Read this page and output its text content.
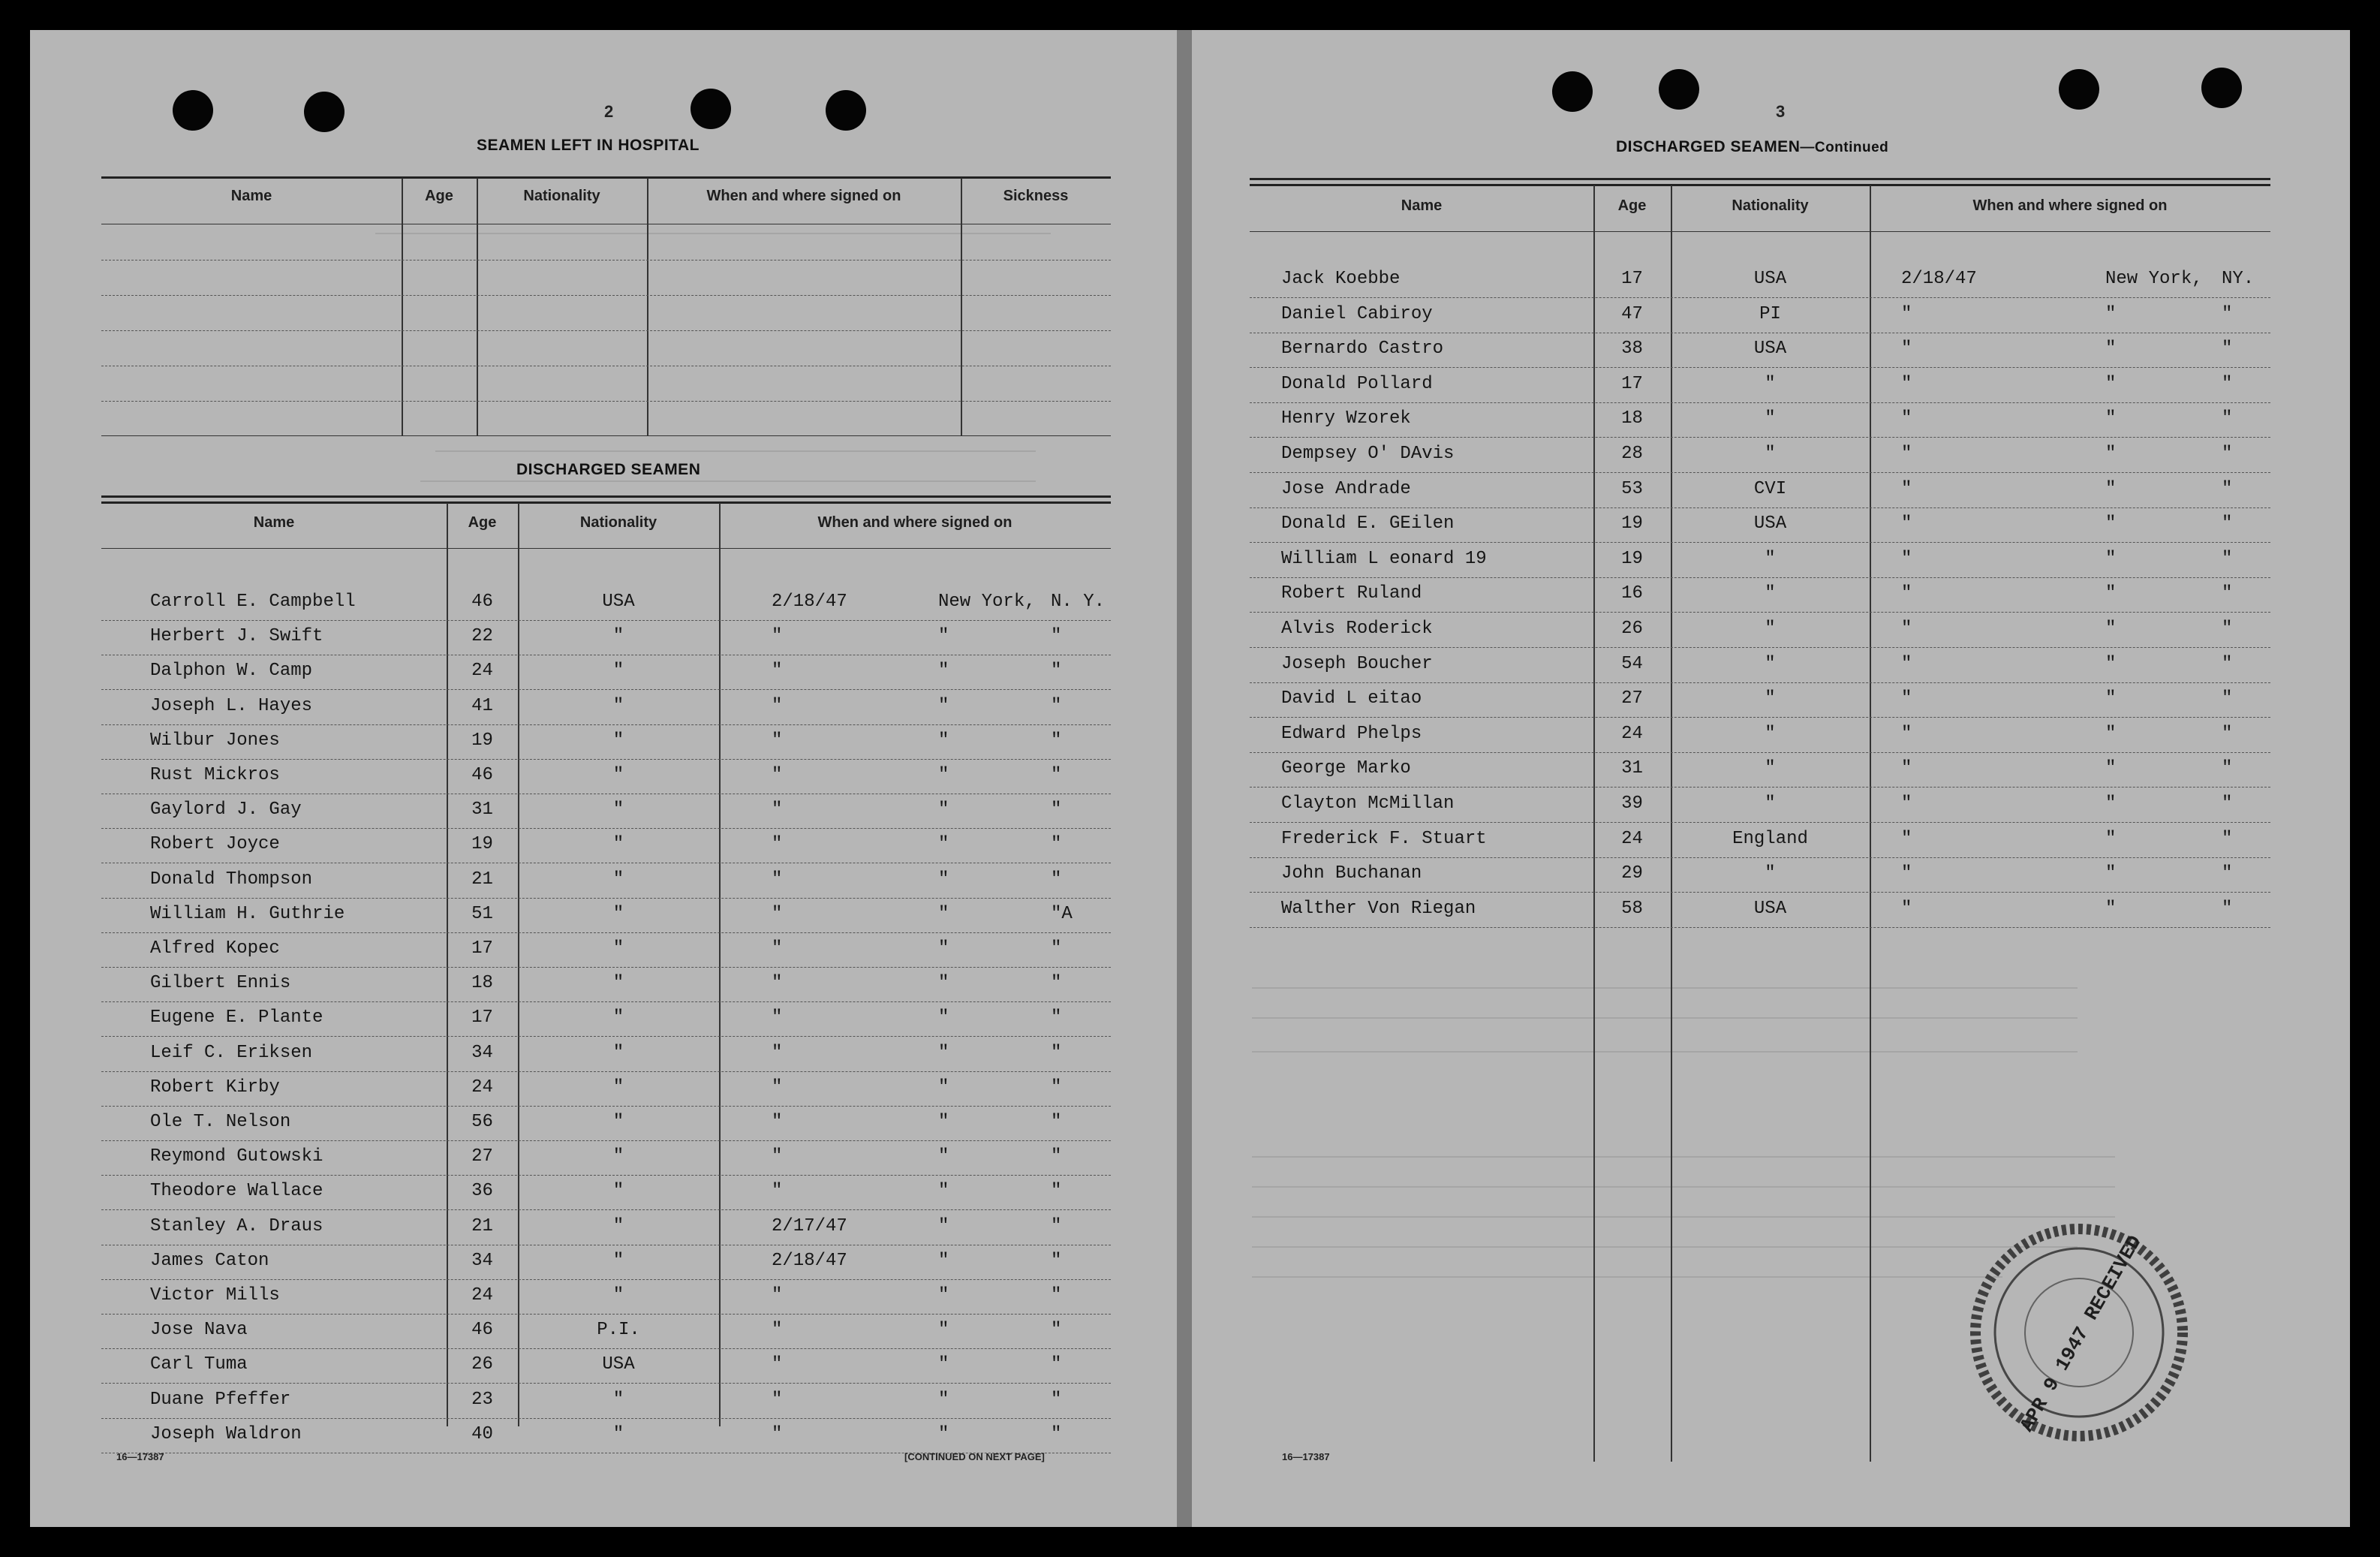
2
SEAMEN LEFT IN HOSPITAL
Name	Age	Nationality	When and where signed on	Sickness
DISCHARGED SEAMEN
Name	Age	Nationality	When and where signed on
Carroll E. Campbell	46	USA	2/18/47	New York, N. Y.
Herbert J. Swift	22	"	"	"	"
Dalphon W. Camp	24	"	"	"	"
Joseph L. Hayes	41	"	"	"	"
Wilbur Jones	19	"	"	"	"
Rust Mickros	46	"	"	"	"
Gaylord J. Gay	31	"	"	"	"
Robert Joyce	19	"	"	"	"
Donald Thompson	21	"	"	"	"
William H. Guthrie	51	"	"	"	"A
Alfred Kopec	17	"	"	"	"
Gilbert Ennis	18	"	"	"	"
Eugene E. Plante	17	"	"	"	"
Leif C. Eriksen	34	"	"	"	"
Robert Kirby	24	"	"	"	"
Ole T. Nelson	56	"	"	"	"
Reymond Gutowski	27	"	"	"	"
Theodore Wallace	36	"	"	"	"
Stanley A. Draus	21	"	2/17/47	"	"
James Caton	34	"	2/18/47	"	"
Victor Mills	24	"	"	"	"
Jose Nava	46	P.I.	"	"	"
Carl Tuma	26	USA	"	"	"
Duane Pfeffer	23	"	"	"	"
Joseph Waldron	40	"	"	"	"
16—17387	[CONTINUED ON NEXT PAGE]
3
DISCHARGED SEAMEN—Continued
Name	Age	Nationality	When and where signed on
Jack Koebbe	17	USA	2/18/47	New York, NY.
Daniel Cabiroy	47	PI	"	"	"
Bernardo Castro	38	USA	"	"	"
Donald Pollard	17	"	"	"	"
Henry Wzorek	18	"	"	"	"
Dempsey O' DAvis	28	"	"	"	"
Jose Andrade	53	CVI	"	"	"
Donald E. GEilen	19	USA	"	"	"
William L eonard 19	19	"	"	"	"
Robert Ruland	16	"	"	"	"
Alvis Roderick	26	"	"	"	"
Joseph Boucher	54	"	"	"	"
David L eitao	27	"	"	"	"
Edward Phelps	24	"	"	"	"
George Marko	31	"	"	"	"
Clayton McMillan	39	"	"	"	"
Frederick F. Stuart	24	England	"	"	"
John Buchanan	29	"	"	"	"
Walther Von Riegan	58	USA	"	"	"
16—17387
APR 9 1947 RECEIVED
